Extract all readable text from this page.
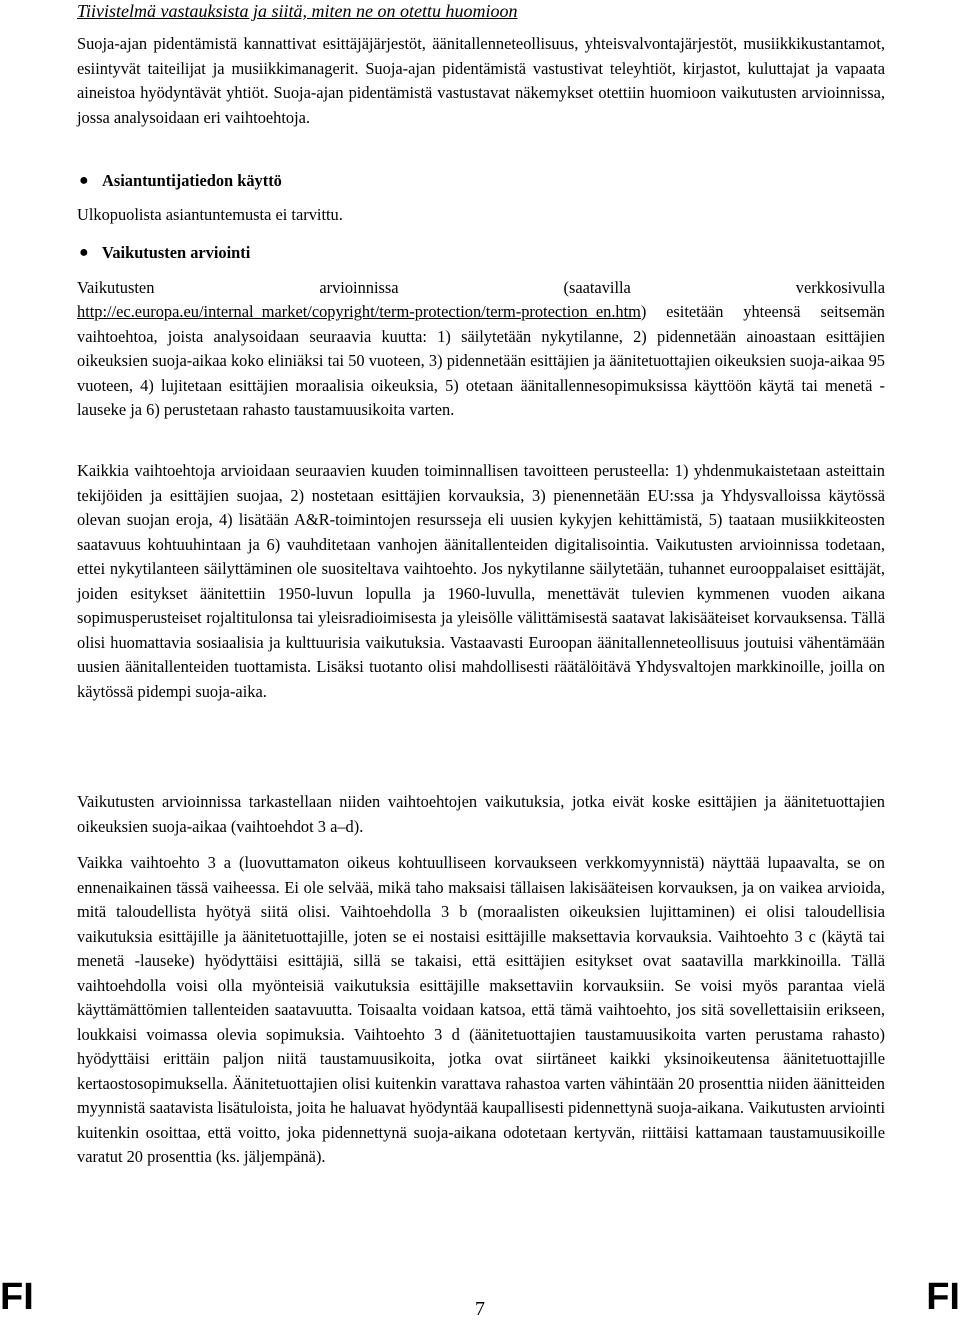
Tiivistelmä vastauksista ja siitä, miten ne on otettu huomioon
Suoja-ajan pidentämistä kannattivat esittäjäjärjestöt, äänitallenneteollisuus, yhteisvalvontajärjestöt, musiikkikustantamot, esiintyvät taiteilijat ja musiikkimanagerit. Suoja-ajan pidentämistä vastustivat teleyhtiöt, kirjastot, kuluttajat ja vapaata aineistoa hyödyntävät yhtiöt. Suoja-ajan pidentämistä vastustavat näkemykset otettiin huomioon vaikutusten arvioinnissa, jossa analysoidaan eri vaihtoehtoja.
● Asiantuntijatiedon käyttö
Ulkopuolista asiantuntemusta ei tarvittu.
● Vaikutusten arviointi
Vaikutusten arvioinnissa (saatavilla verkkosivulla
http://ec.europa.eu/internal_market/copyright/term-protection/term-protection_en.htm) esitetään yhteensä seitsemän vaihtoehtoa, joista analysoidaan seuraavia kuutta: 1) säilytetään nykytilanne, 2) pidennetään ainoastaan esittäjien oikeuksien suoja-aikaa koko eliniäksi tai 50 vuoteen, 3) pidennetään esittäjien ja äänitetuottajien oikeuksien suoja-aikaa 95 vuoteen, 4) lujitetaan esittäjien moraalisia oikeuksia, 5) otetaan äänitallennesopimuksissa käyttöön käytä tai menetä -lauseke ja 6) perustetaan rahasto taustamuusikoita varten.
Kaikkia vaihtoehtoja arvioidaan seuraavien kuuden toiminnallisen tavoitteen perusteella: 1) yhdenmukaistetaan asteittain tekijöiden ja esittäjien suojaa, 2) nostetaan esittäjien korvauksia, 3) pienennetään EU:ssa ja Yhdysvalloissa käytössä olevan suojan eroja, 4) lisätään A&R-toimintojen resursseja eli uusien kykyjen kehittämistä, 5) taataan musiikkiteosten saatavuus kohtuuhintaan ja 6) vauhditetaan vanhojen äänitallenteiden digitalisointia. Vaikutusten arvioinnissa todetaan, ettei nykytilanteen säilyttäminen ole suositeltava vaihtoehto. Jos nykytilanne säilytetään, tuhannet eurooppalaiset esittäjät, joiden esitykset äänitettiin 1950-luvun lopulla ja 1960-luvulla, menettävät tulevien kymmenen vuoden aikana sopimusperusteiset rojaltitulonsa tai yleisradioimisesta ja yleisölle välittämisestä saatavat lakisääteiset korvauksensa. Tällä olisi huomattavia sosiaalisia ja kulttuurisia vaikutuksia. Vastaavasti Euroopan äänitallenneteollisuus joutuisi vähentämään uusien äänitallenteiden tuottamista. Lisäksi tuotanto olisi mahdollisesti räätälöitävä Yhdysvaltojen markkinoille, joilla on käytössä pidempi suoja-aika.
Vaikutusten arvioinnissa tarkastellaan niiden vaihtoehtojen vaikutuksia, jotka eivät koske esittäjien ja äänitetuottajien oikeuksien suoja-aikaa (vaihtoehdot 3 a–d).
Vaikka vaihtoehto 3 a (luovuttamaton oikeus kohtuulliseen korvaukseen verkkomyynnistä) näyttää lupaavalta, se on ennenaikainen tässä vaiheessa. Ei ole selvää, mikä taho maksaisi tällaisen lakisääteisen korvauksen, ja on vaikea arvioida, mitä taloudellista hyötyä siitä olisi. Vaihtoehdolla 3 b (moraalisten oikeuksien lujittaminen) ei olisi taloudellisia vaikutuksia esittäjille ja äänitetuottajille, joten se ei nostaisi esittäjille maksettavia korvauksia. Vaihtoehto 3 c (käytä tai menetä -lauseke) hyödyttäisi esittäjiä, sillä se takaisi, että esittäjien esitykset ovat saatavilla markkinoilla. Tällä vaihtoehdolla voisi olla myönteisiä vaikutuksia esittäjille maksettaviin korvauksiin. Se voisi myös parantaa vielä käyttämättömien tallenteiden saatavuutta. Toisaalta voidaan katsoa, että tämä vaihtoehto, jos sitä sovellettaisiin erikseen, loukkaisi voimassa olevia sopimuksia. Vaihtoehto 3 d (äänitetuottajien taustamuusikoita varten perustama rahasto) hyödyttäisi erittäin paljon niitä taustamuusikoita, jotka ovat siirtäneet kaikki yksinoikeutensa äänitetuottajille kertaostosopimuksella. Äänitetuottajien olisi kuitenkin varattava rahastoa varten vähintään 20 prosenttia niiden äänitteiden myynnistä saatavista lisätuloista, joita he haluavat hyödyntää kaupallisesti pidennettynä suoja-aikana. Vaikutusten arviointi kuitenkin osoittaa, että voitto, joka pidennettynä suoja-aikana odotetaan kertyvän, riittäisi kattamaan taustamuusikoille varatut 20 prosenttia (ks. jäljempänä).
FI	FI
7
